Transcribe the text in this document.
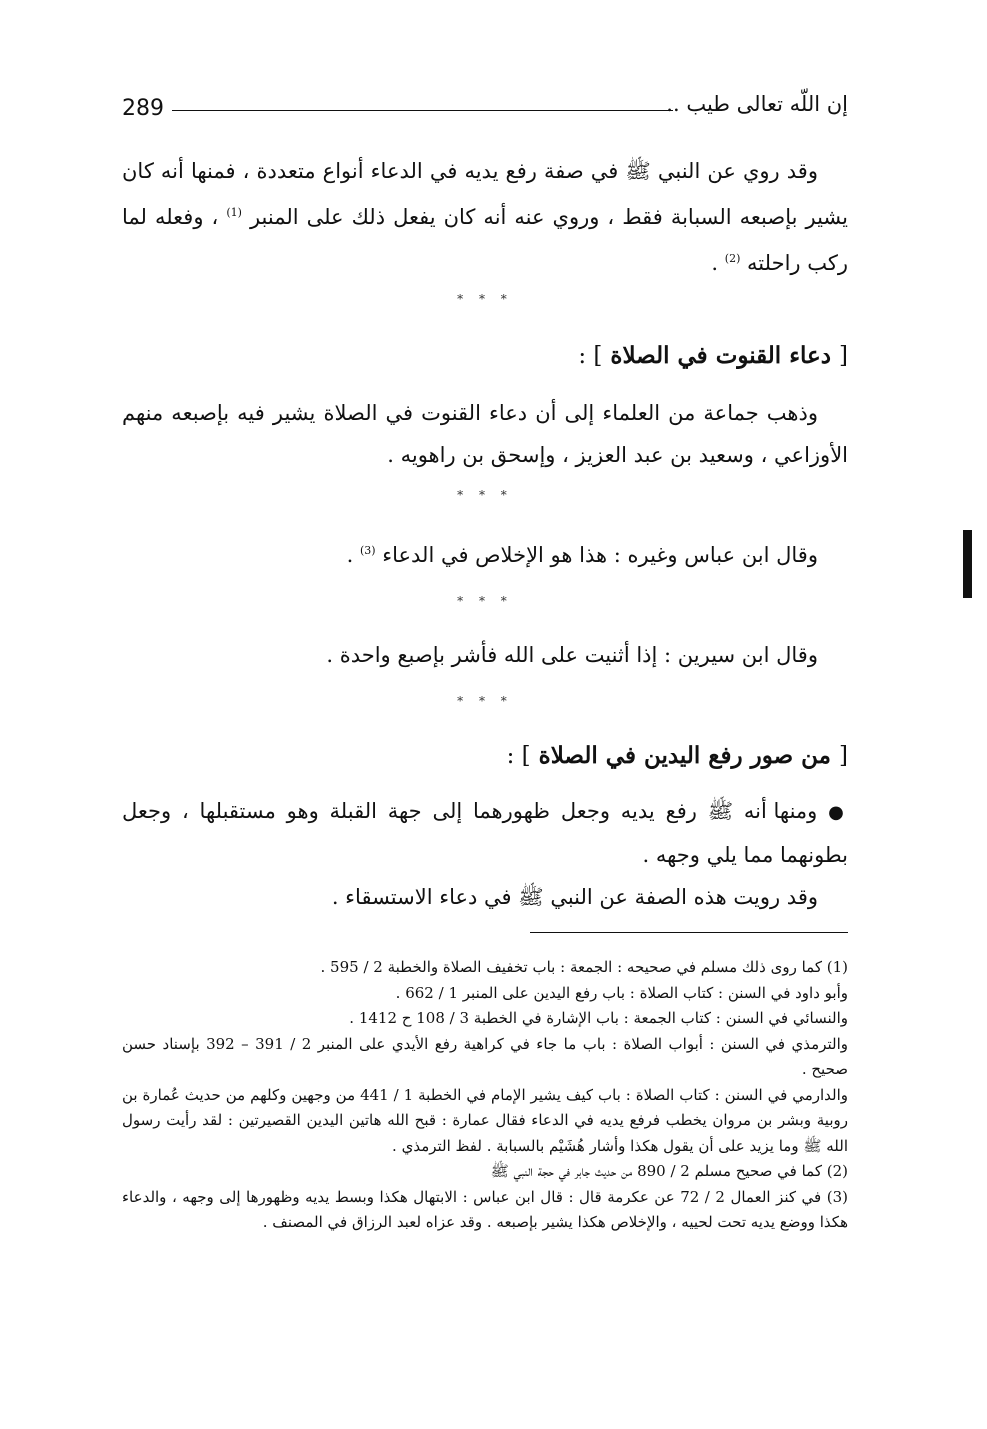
289	إن اللّه تعالى طيب ..
وقد روي عن النبي ﷺ في صفة رفع يديه في الدعاء أنواع متعددة ، فمنها أنه كان يشير بإصبعه السبابة فقط ، وروي عنه أنه كان يفعل ذلك على المنبر $^{(1)}$ ، وفعله لما ركب راحلته $^{(2)}$ .
* * *
[ دعاء القنوت في الصلاة ] :
وذهب جماعة من العلماء إلى أن دعاء القنوت في الصلاة يشير فيه بإصبعه منهم الأوزاعي ، وسعيد بن عبد العزيز ، وإسحق بن راهويه .
* * *
وقال ابن عباس وغيره : هذا هو الإخلاص في الدعاء $^{(3)}$ .
* * *
وقال ابن سيرين : إذا أثنيت على الله فأشر بإصبع واحدة .
* * *
[ من صور رفع اليدين في الصلاة ] :
● ومنها أنه ﷺ رفع يديه وجعل ظهورهما إلى جهة القبلة وهو مستقبلها ، وجعل بطونهما مما يلي وجهه .
وقد رويت هذه الصفة عن النبي ﷺ في دعاء الاستسقاء .

(1) كما روى ذلك مسلم في صحيحه : الجمعة : باب تخفيف الصلاة والخطبة 2 / 595 .

وأبو داود في السنن : كتاب الصلاة : باب رفع اليدين على المنبر 1 / 662 .

والنسائي في السنن : كتاب الجمعة : باب الإشارة في الخطبة 3 / 108 ح 1412 .

والترمذي في السنن : أبواب الصلاة : باب ما جاء في كراهية رفع الأيدي على المنبر 2 / 391 – 392 بإسناد حسن صحيح .

والدارمي في السنن : كتاب الصلاة : باب كيف يشير الإمام في الخطبة 1 / 441 من وجهين وكلهم من حديث عُمارة بن روبية وبشر بن مروان يخطب فرفع يديه في الدعاء فقال عمارة : قبح الله هاتين اليدين القصيرتين : لقد رأيت رسول الله ﷺ وما يزيد على أن يقول هكذا وأشار هُشَيْم بالسبابة . لفظ الترمذي .

(2) كما في صحيح مسلم 2 / 890 من حديث جابر في حجة النبي ﷺ

(3) في كنز العمال 2 / 72 عن عكرمة قال : قال ابن عباس : الابتهال هكذا وبسط يديه وظهورها إلى وجهه ، والدعاء هكذا ووضع يديه تحت لحييه ، والإخلاص هكذا يشير بإصبعه . وقد عزاه لعبد الرزاق في المصنف .
